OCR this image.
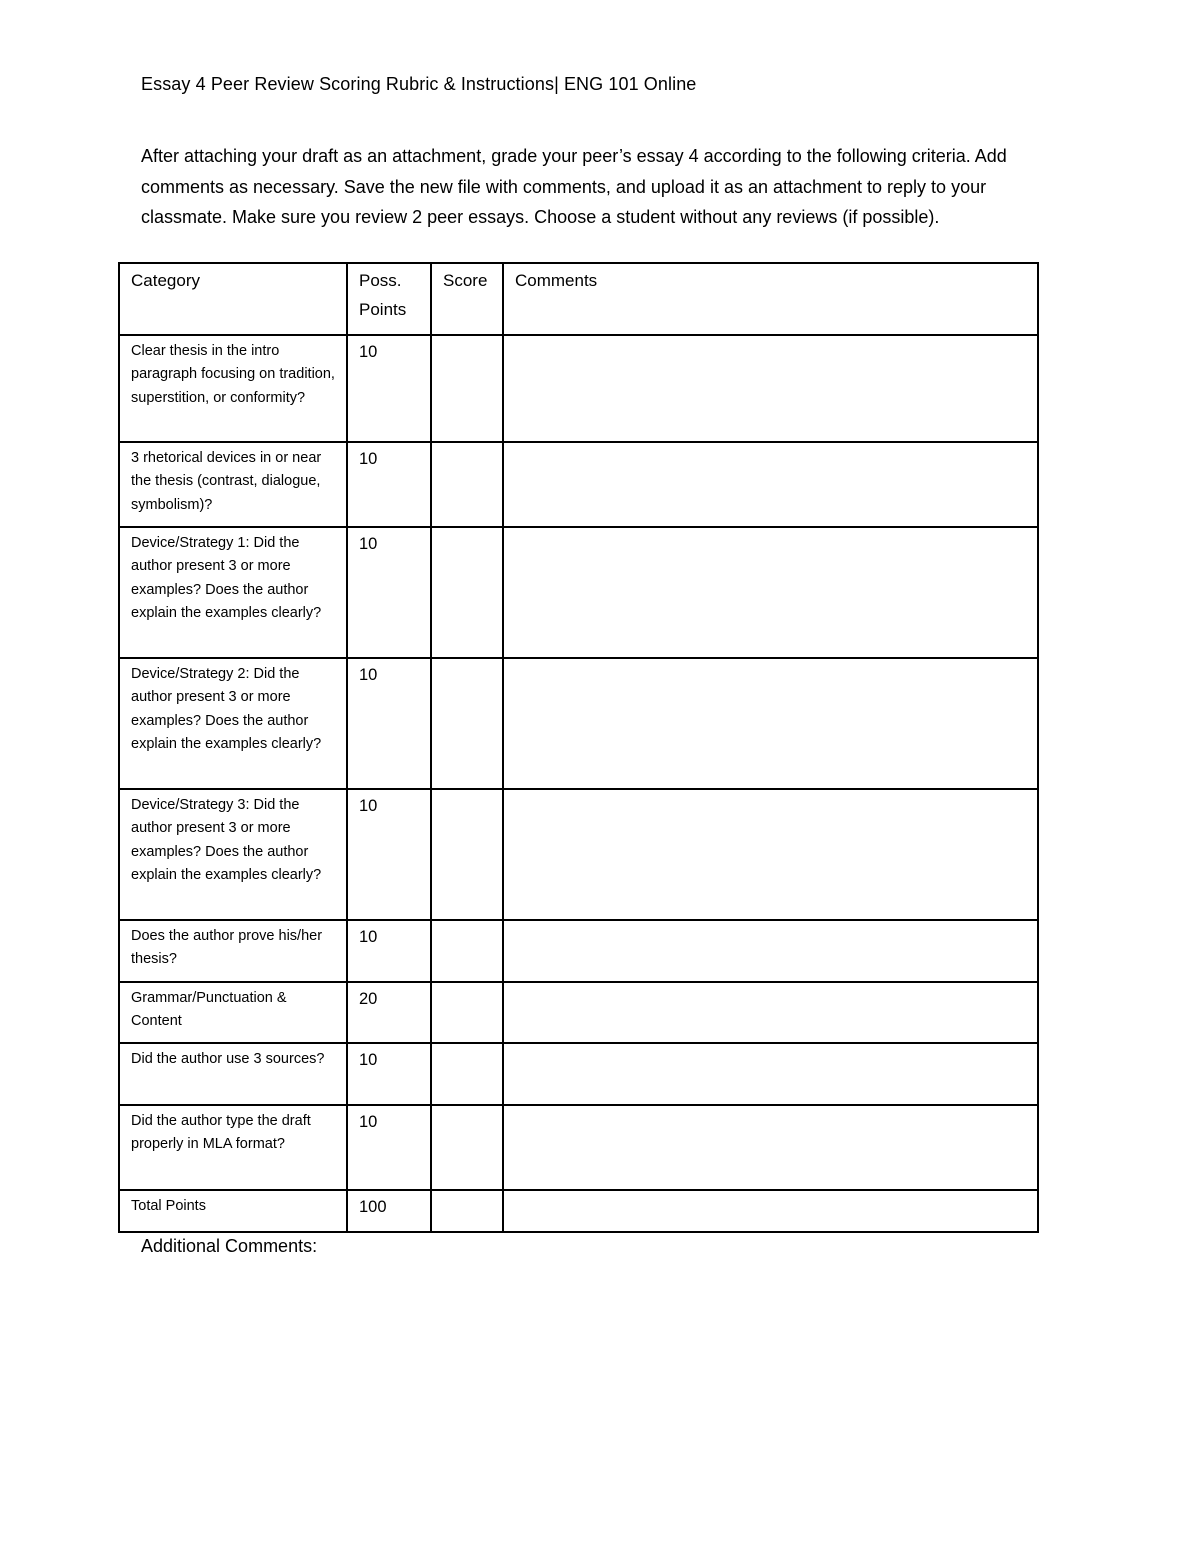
Essay 4 Peer Review Scoring Rubric & Instructions| ENG 101 Online

After attaching your draft as an attachment, grade your peer’s essay 4 according to the following criteria. Add comments as necessary. Save the new file with comments, and upload it as an attachment to reply to your classmate. Make sure you review 2 peer essays. Choose a student without any reviews (if possible).

Category	Poss. Points	Score	Comments
Clear thesis in the intro paragraph focusing on tradition, superstition, or conformity?	10		
3 rhetorical devices in or near the thesis (contrast, dialogue, symbolism)?	10		
Device/Strategy 1: Did the author present 3 or more examples? Does the author explain the examples clearly?	10		
Device/Strategy 2: Did the author present 3 or more examples? Does the author explain the examples clearly?	10		
Device/Strategy 3: Did the author present 3 or more examples? Does the author explain the examples clearly?	10		
Does the author prove his/her thesis?	10		
Grammar/Punctuation & Content	20		
Did the author use 3 sources?	10		
Did the author type the draft properly in MLA format?	10		
Total Points	100		
Additional Comments:
